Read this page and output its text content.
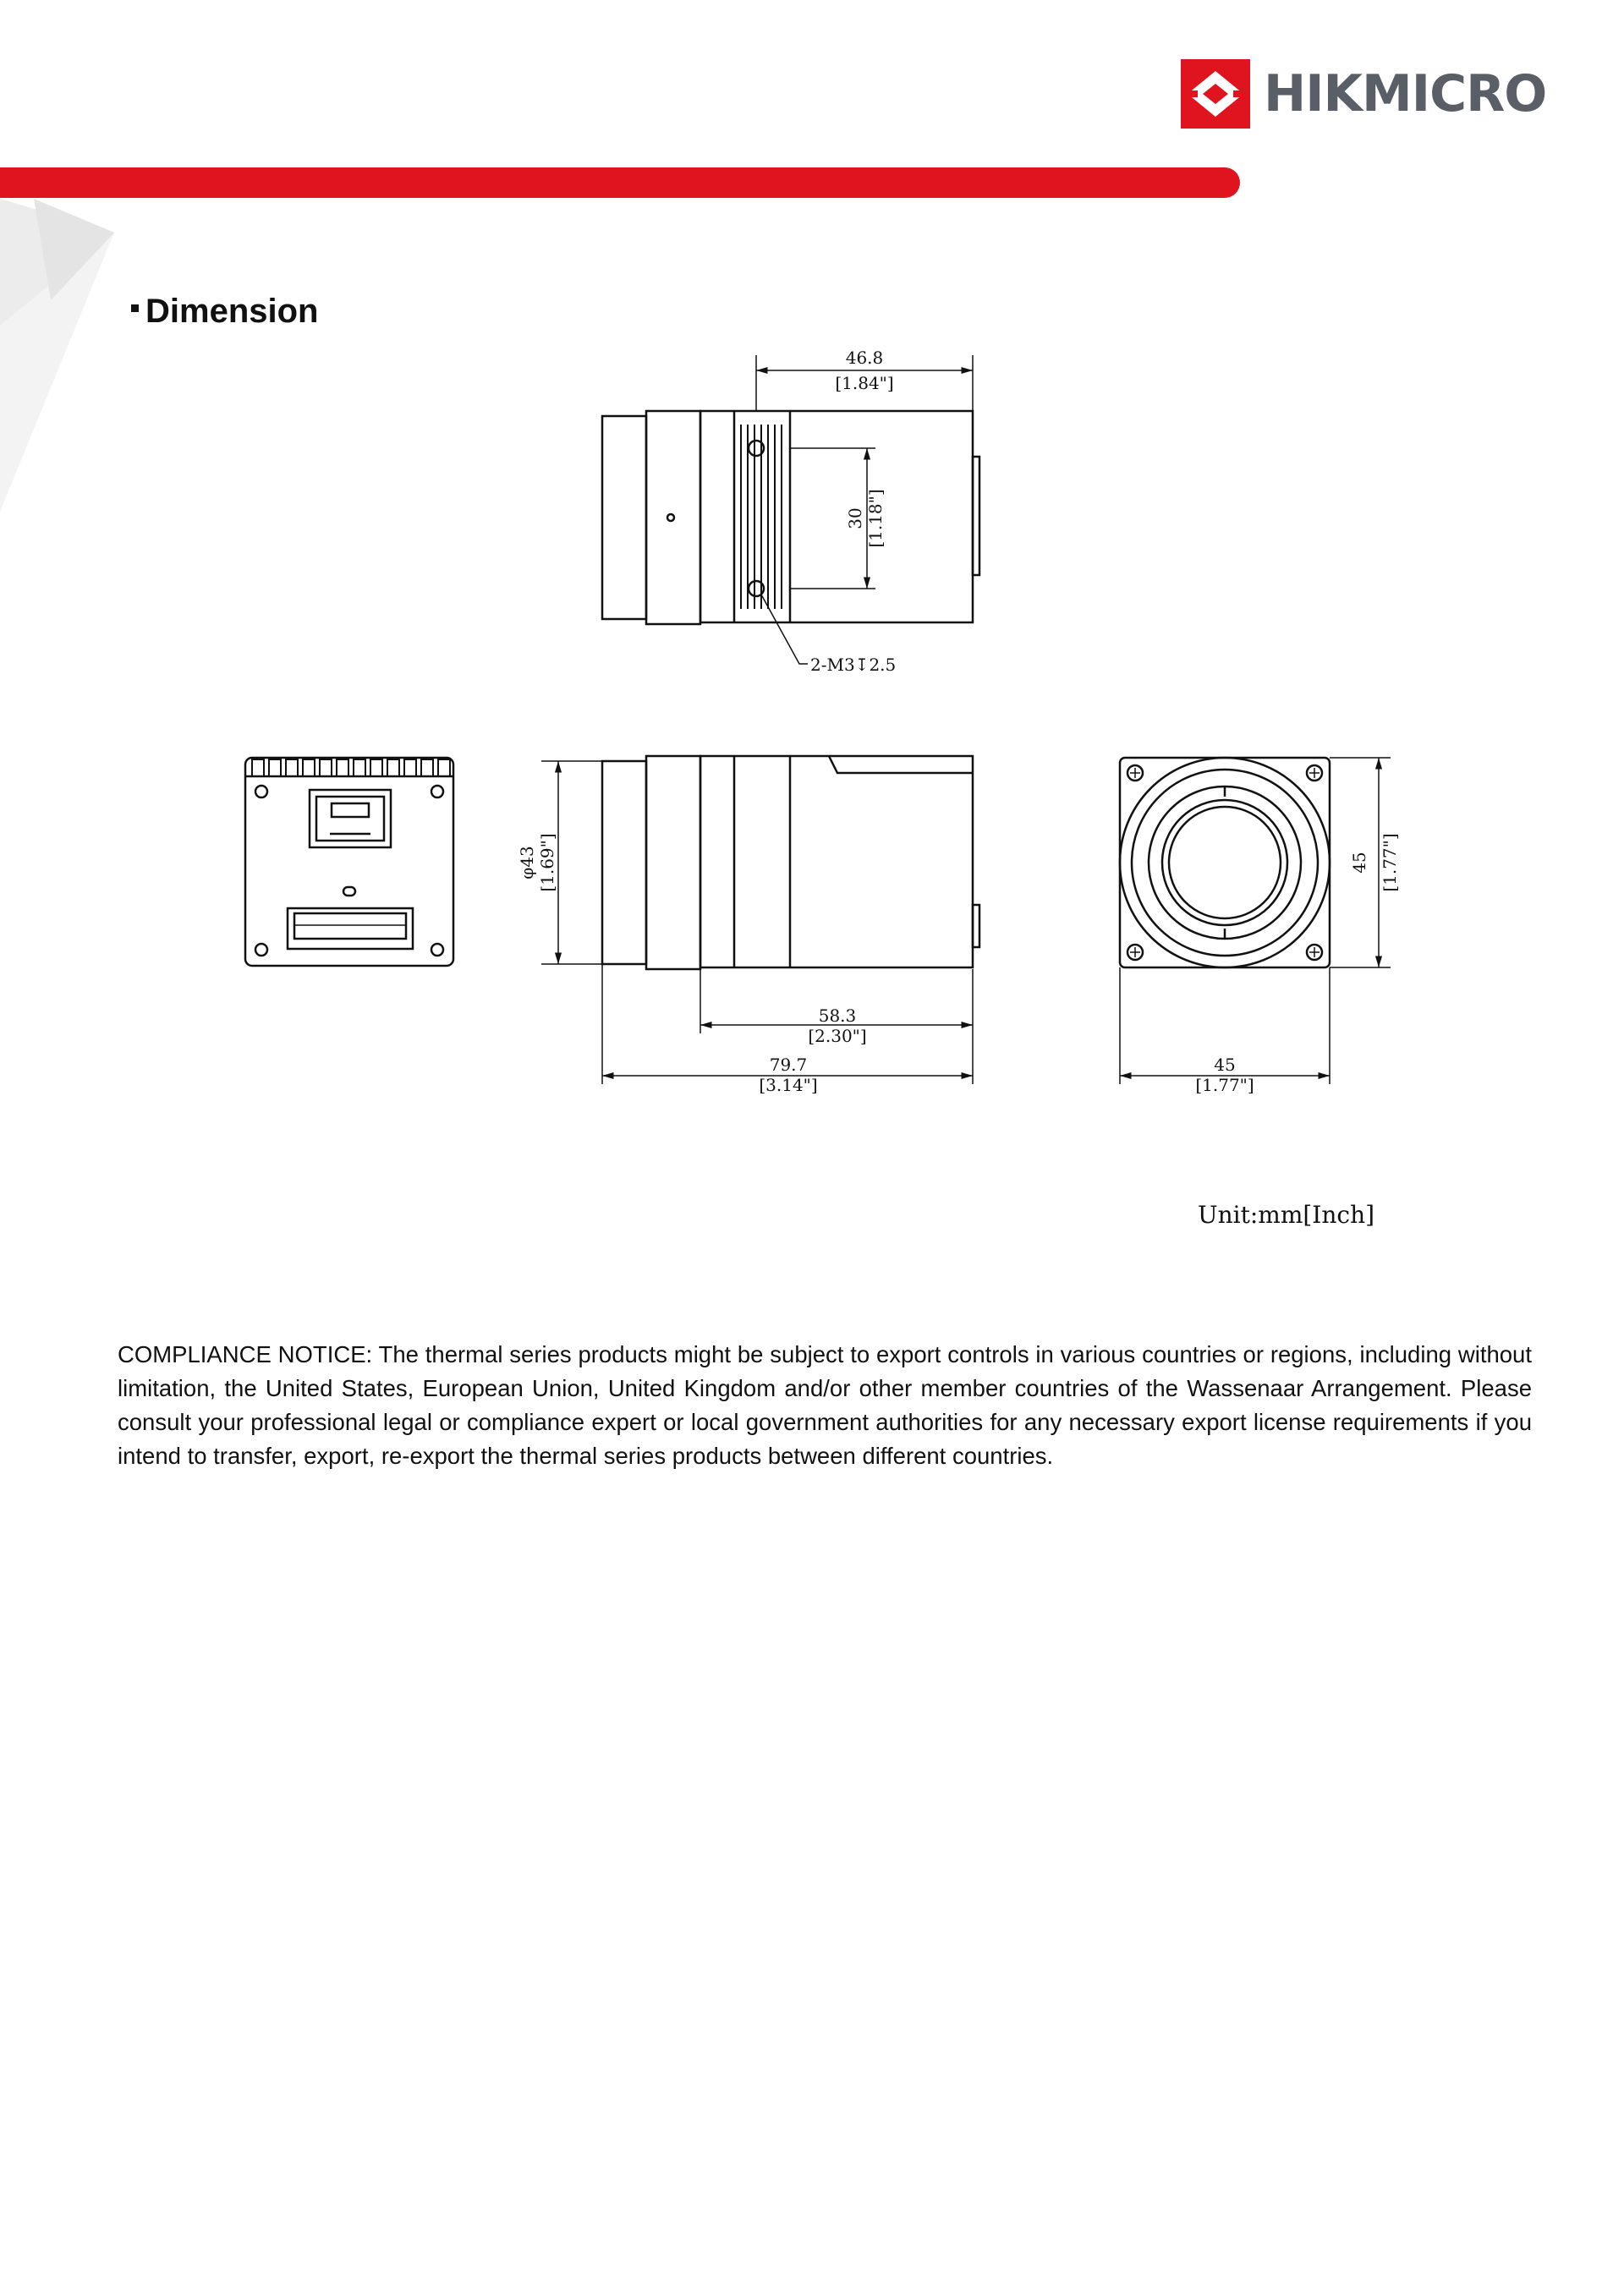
HIKMICRO
Dimension
46.8
[1.84"]
30 [1.18"]
2-M3↧2.5
φ43 [1.69"]
58.3
[2.30"]
79.7
[3.14"]
45
[1.77"]
45 [1.77"]
Unit:mm[Inch]
COMPLIANCE NOTICE: The thermal series products might be subject to export controls in various countries or regions, including without limitation, the United States, European Union, United Kingdom and/or other member countries of the Wassenaar Arrangement. Please consult your professional legal or compliance expert or local government authorities for any necessary export license requirements if you intend to transfer, export, re-export the thermal series products between different countries.
